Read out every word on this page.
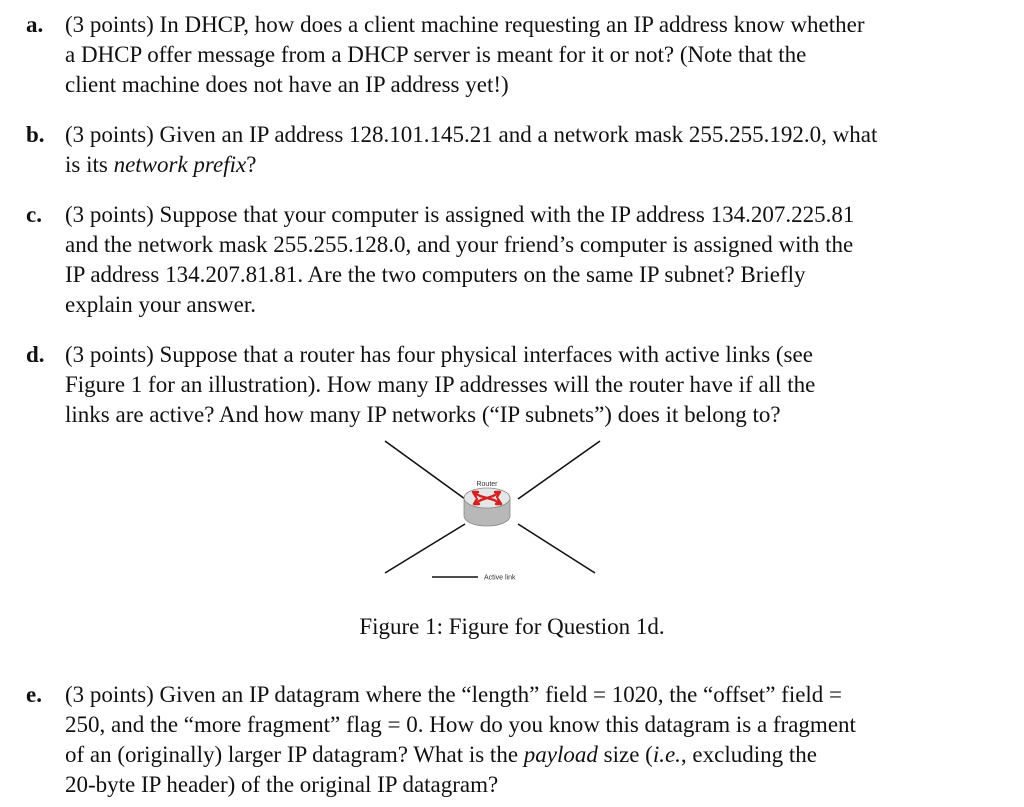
a. (3 points) In DHCP, how does a client machine requesting an IP address know whether
a DHCP offer message from a DHCP server is meant for it or not? (Note that the
client machine does not have an IP address yet!)
b. (3 points) Given an IP address 128.101.145.21 and a network mask 255.255.192.0, what
is its network prefix?
c.	(3 points) Suppose that your computer is assigned with the IP address 134.207.225.81
and the network mask 255.255.128.0, and your friend’s computer is assigned with the
IP address 134.207.81.81. Are the two computers on the same IP subnet? Briefly
explain your answer.
d. (3 points) Suppose that a router has four physical interfaces with active links (see
Figure 1 for an illustration). How many IP addresses will the router have if all the
links are active? And how many IP networks (“IP subnets”) does it belong to?
Router
Active link
Figure 1: Figure for Question 1d.
e.	(3 points) Given an IP datagram where the “length” field = 1020, the “offset” field =
250, and the “more fragment” flag = 0. How do you know this datagram is a fragment
of an (originally) larger IP datagram? What is the payload size (i.e., excluding the
20-byte IP header) of the original IP datagram?
